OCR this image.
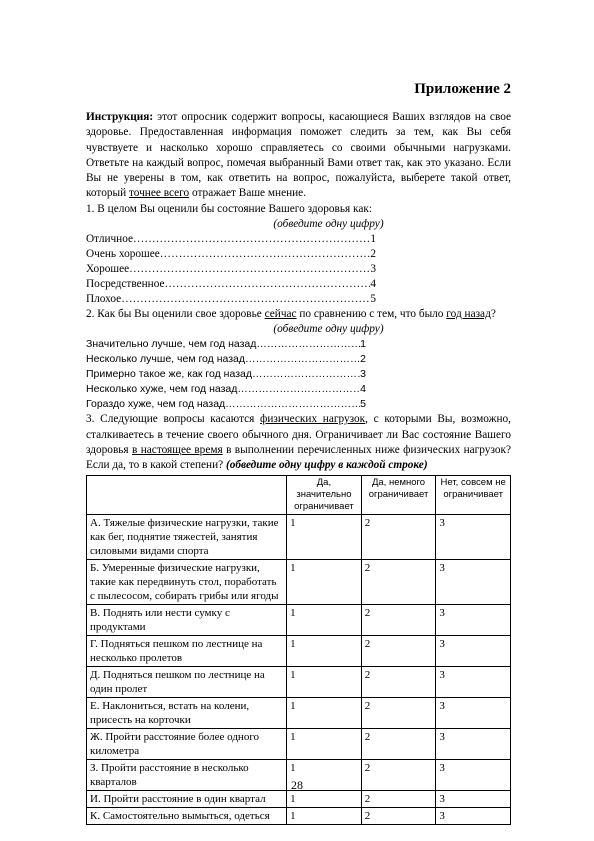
Приложение 2

Инструкция: этот опросник содержит вопросы, касающиеся Ваших взглядов на свое здоровье. Предоставленная информация поможет следить за тем, как Вы себя чувствуете и насколько хорошо справляетесь со своими обычными нагрузками. Ответьте на каждый вопрос, помечая выбранный Вами ответ так, как это указано. Если Вы не уверены в том, как ответить на вопрос, пожалуйста, выберете такой ответ, который точнее всего отражает Ваше мнение.

1. В целом Вы оценили бы состояние Вашего здоровья как:

(обведите одну цифру)

Отличное ……………………………………………………………………………………………	1
Очень хорошее ……………………………………………………………………………………………	2
Хорошее ……………………………………………………………………………………………	3
Посредственное ……………………………………………………………………………………………	4
Плохое ……………………………………………………………………………………………	5

2. Как бы Вы оценили свое здоровье сейчас по сравнению с тем, что было год назад?

(обведите одну цифру)

Значительно лучше, чем год назад ……………………………………………………………………………………………	1
Несколько лучше, чем год назад ……………………………………………………………………………………………	2
Примерно такое же, как год назад ……………………………………………………………………………………………	3
Несколько хуже, чем год назад ……………………………………………………………………………………………	4
Гораздо хуже, чем год назад ……………………………………………………………………………………………	5

3. Следующие вопросы касаются физических нагрузок, с которыми Вы, возможно, сталкиваетесь в течение своего обычного дня. Ограничивает ли Вас состояние Вашего здоровья в настоящее время в выполнении перечисленных ниже физических нагрузок? Если да, то в какой степени? (обведите одну цифру в каждой строке)

	Да, значительно ограничивает	Да, немного ограничивает	Нет, совсем не ограничивает
А. Тяжелые физические нагрузки, такие как бег, поднятие тяжестей, занятия силовыми видами спорта	1	2	3
Б. Умеренные физические нагрузки, такие как передвинуть стол, поработать с пылесосом, собирать грибы или ягоды	1	2	3
В. Поднять или нести сумку с продуктами	1	2	3
Г. Подняться пешком по лестнице на несколько пролетов	1	2	3
Д. Подняться пешком по лестнице на один пролет	1	2	3
Е. Наклониться, встать на колени, присесть на корточки	1	2	3
Ж. Пройти расстояние более одного километра	1	2	3
З. Пройти расстояние в несколько кварталов	1	2	3
И. Пройти расстояние в один квартал	1	2	3
К. Самостоятельно вымыться, одеться	1	2	3
28
